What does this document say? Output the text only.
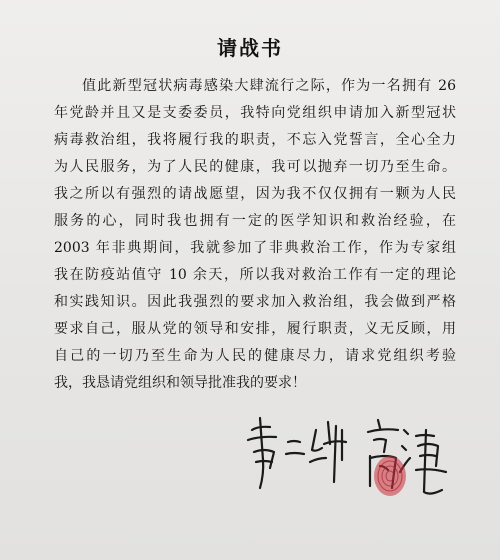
请战书
值此新型冠状病毒感染大肆流行之际，作为一名拥有 26
年党龄并且又是支委委员，我特向党组织申请加入新型冠状
病毒救治组，我将履行我的职责，不忘入党誓言，全心全力
为人民服务，为了人民的健康，我可以抛弃一切乃至生命。
我之所以有强烈的请战愿望，因为我不仅仅拥有一颗为人民
服务的心，同时我也拥有一定的医学知识和救治经验，在
2003 年非典期间，我就参加了非典救治工作，作为专家组
我在防疫站值守 10 余天，所以我对救治工作有一定的理论
和实践知识。因此我强烈的要求加入救治组，我会做到严格
要求自己，服从党的领导和安排，履行职责，义无反顾，用
自己的一切乃至生命为人民的健康尽力，请求党组织考验
我，我恳请党组织和领导批准我的要求！
